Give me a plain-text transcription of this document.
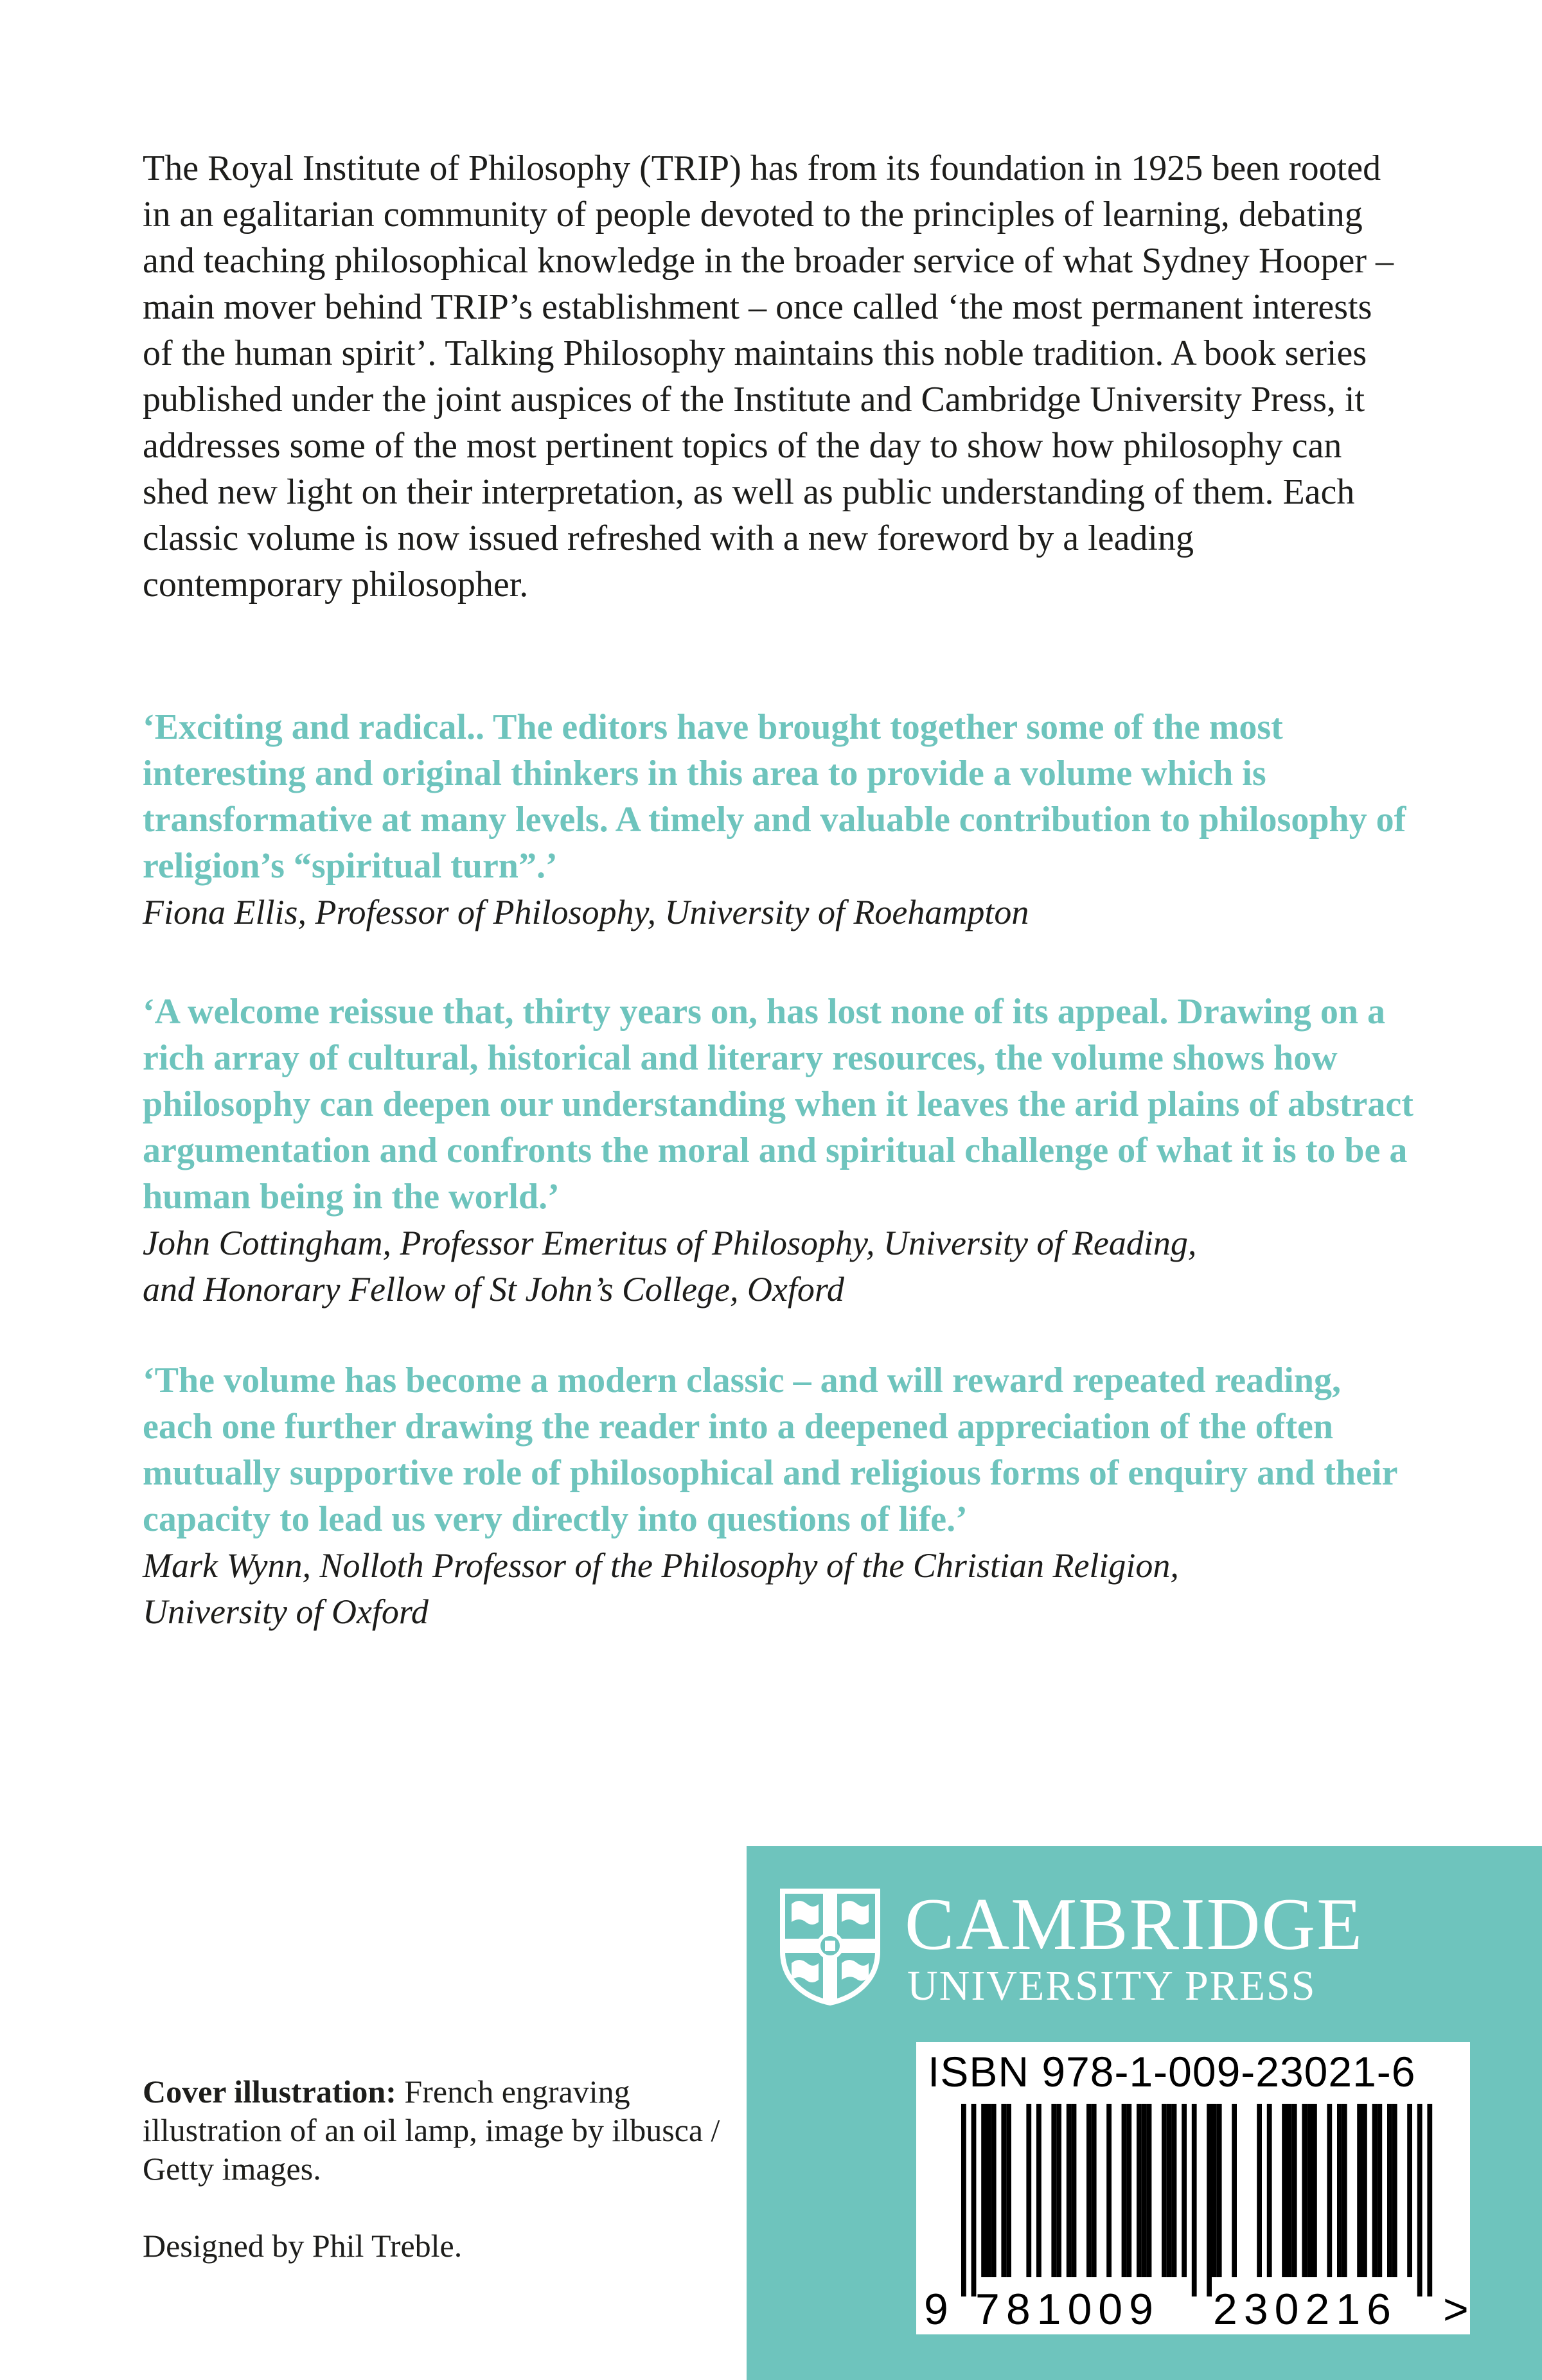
The Royal Institute of Philosophy (TRIP) has from its foundation in 1925 been rooted in an egalitarian community of people devoted to the principles of learning, debating and teaching philosophical knowledge in the broader service of what Sydney Hooper – main mover behind TRIP’s establishment – once called ‘the most permanent interests of the human spirit’. Talking Philosophy maintains this noble tradition. A book series published under the joint auspices of the Institute and Cambridge University Press, it addresses some of the most pertinent topics of the day to show how philosophy can shed new light on their interpretation, as well as public understanding of them. Each classic volume is now issued refreshed with a new foreword by a leading contemporary philosopher.

‘Exciting and radical.. The editors have brought together some of the most interesting and original thinkers in this area to provide a volume which is transformative at many levels. A timely and valuable contribution to philosophy of religion’s “spiritual turn”.’

Fiona Ellis, Professor of Philosophy, University of Roehampton

‘A welcome reissue that, thirty years on, has lost none of its appeal. Drawing on a rich array of cultural, historical and literary resources, the volume shows how philosophy can deepen our understanding when it leaves the arid plains of abstract argumentation and confronts the moral and spiritual challenge of what it is to be a human being in the world.’

John Cottingham, Professor Emeritus of Philosophy, University of Reading,
and Honorary Fellow of St John’s College, Oxford

‘The volume has become a modern classic – and will reward repeated reading, each one further drawing the reader into a deepened appreciation of the often mutually supportive role of philosophical and religious forms of enquiry and their capacity to lead us very directly into questions of life.’

Mark Wynn, Nolloth Professor of the Philosophy of the Christian Religion,
University of Oxford

Cover illustration: French engraving illustration of an oil lamp, image by ilbusca / Getty images.

Designed by Phil Treble.

CAMBRIDGE
UNIVERSITY PRESS
ISBN 978-1-009-23021-6
9 781009 230216 >
